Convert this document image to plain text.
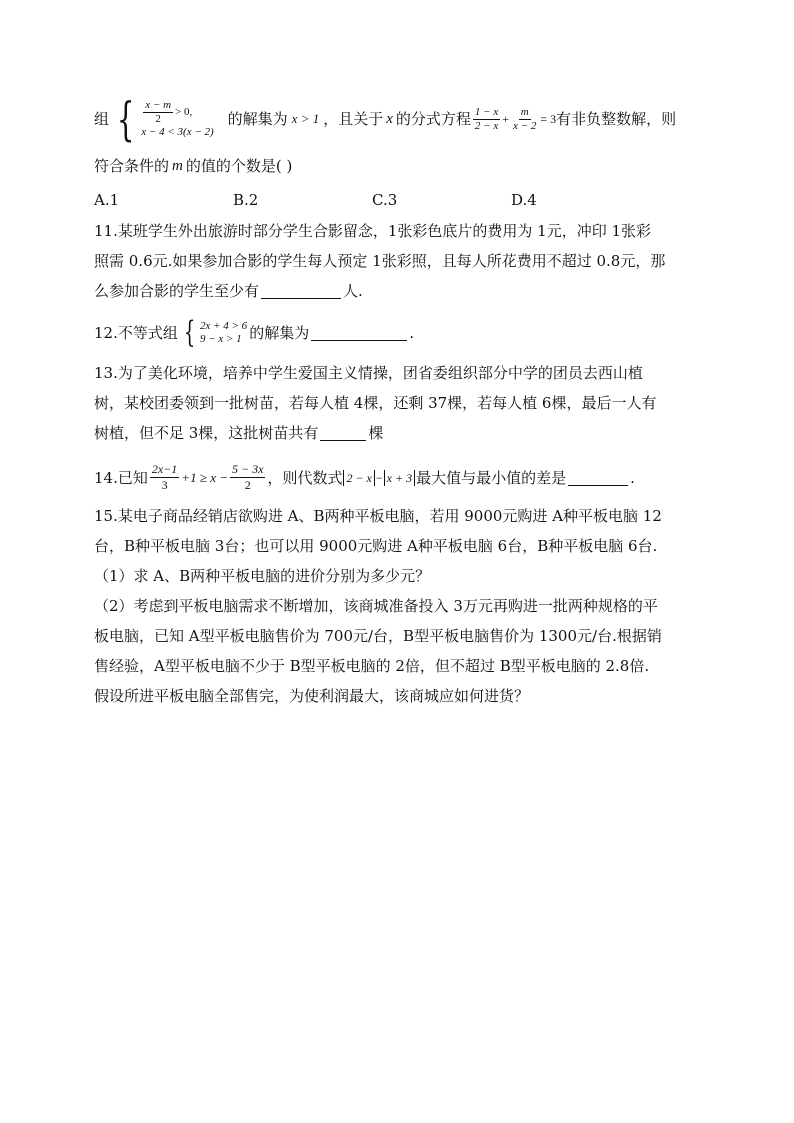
组 { $\frac{x - m}{2} > 0$,
x − 4 < 3(x − 2)
的解集为 x > 1 ，且关于 x 的分式方程 $\frac{1 - x}{2 - x} + \frac{m}{x - 2} = 3$ 有非负整数解，则
符合条件的 m 的值的个数是( )
A.1	B.2	C.3	D.4

11.某班学生外出旅游时部分学生合影留念，1张彩色底片的费用为 1元，冲印 1张彩

照需 0.6元.如果参加合影的学生每人预定 1张彩照，且每人所花费用不超过 0.8元，那

么参加合影的学生至少有	人.

12.不等式组 { 2x + 4 > 6
9 − x > 1 的解集为	.

13.为了美化环境，培养中学生爱国主义情操，团省委组织部分中学的团员去西山植

树，某校团委领到一批树苗，若每人植 4棵，还剩 37棵，若每人植 6棵，最后一人有

树植，但不足 3棵，这批树苗共有	棵

14.已知 $\frac{2x-1}{3} +1 \ge x - \frac{5 - 3x}{2}$ ，则代数式 2 − x − x + 3 最大值与最小值的差是	.

15.某电子商品经销店欲购进 A、B两种平板电脑，若用 9000元购进 A种平板电脑 12

台，B种平板电脑 3台；也可以用 9000元购进 A种平板电脑 6台，B种平板电脑 6台.

（1）求 A、B两种平板电脑的进价分别为多少元？

（2）考虑到平板电脑需求不断增加，该商城准备投入 3万元再购进一批两种规格的平

板电脑，已知 A型平板电脑售价为 700元/台，B型平板电脑售价为 1300元/台.根据销

售经验，A型平板电脑不少于 B型平板电脑的 2倍，但不超过 B型平板电脑的 2.8倍.

假设所进平板电脑全部售完，为使利润最大，该商城应如何进货？
